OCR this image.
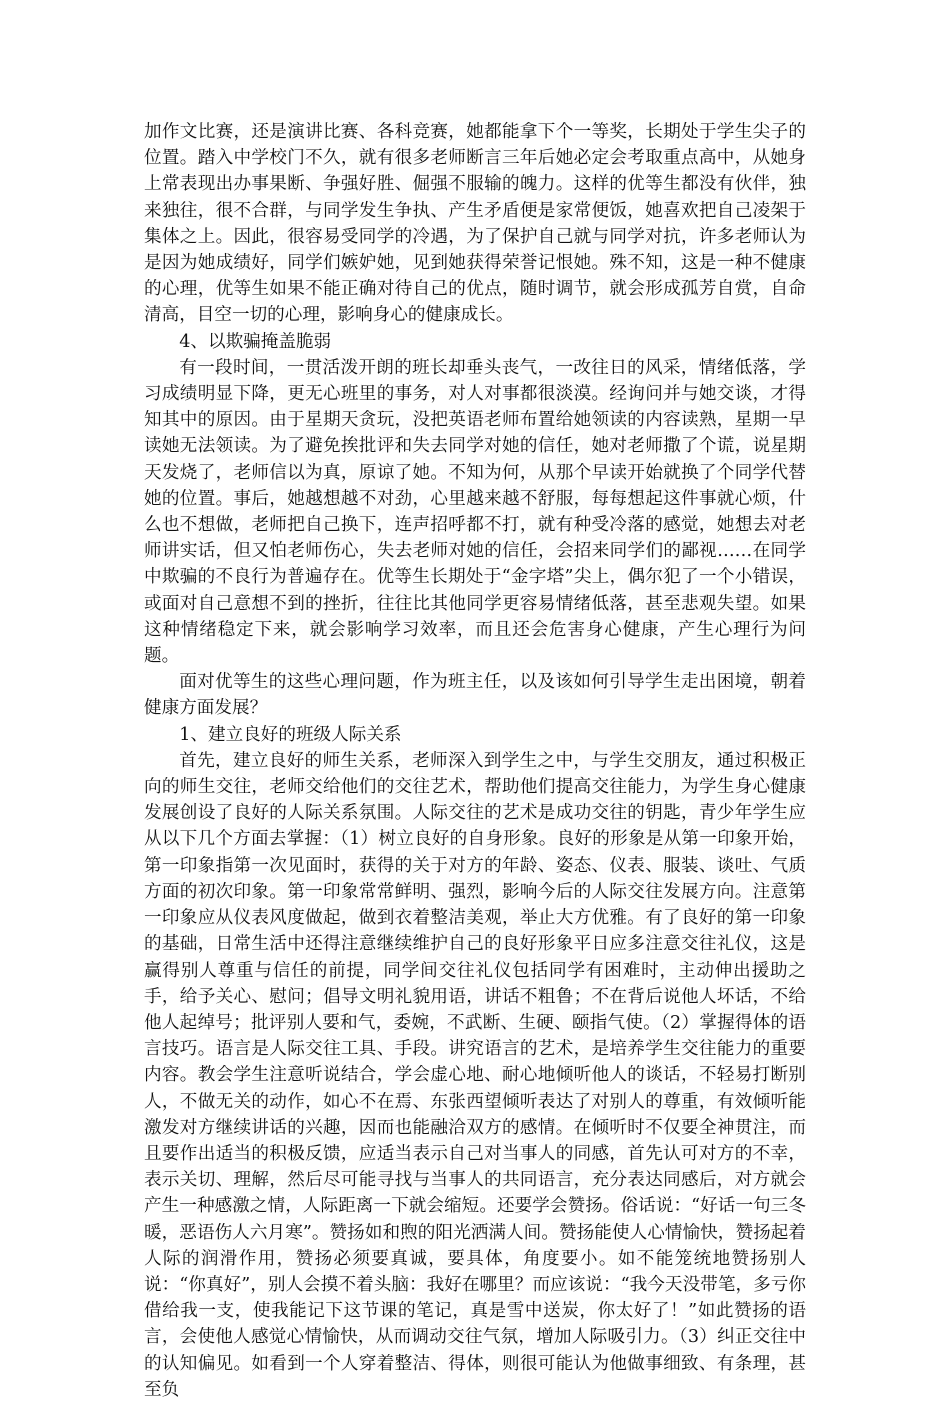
加作文比赛，还是演讲比赛、各科竞赛，她都能拿下个一等奖，长期处于学生尖子的位置。踏入中学校门不久，就有很多老师断言三年后她必定会考取重点高中，从她身上常表现出办事果断、争强好胜、倔强不服输的魄力。这样的优等生都没有伙伴，独来独往，很不合群，与同学发生争执、产生矛盾便是家常便饭，她喜欢把自己凌架于集体之上。因此，很容易受同学的冷遇，为了保护自己就与同学对抗，许多老师认为是因为她成绩好，同学们嫉妒她，见到她获得荣誉记恨她。殊不知，这是一种不健康的心理，优等生如果不能正确对待自己的优点，随时调节，就会形成孤芳自赏，自命清高，目空一切的心理，影响身心的健康成长。

4、以欺骗掩盖脆弱

有一段时间，一贯活泼开朗的班长却垂头丧气，一改往日的风采，情绪低落，学习成绩明显下降，更无心班里的事务，对人对事都很淡漠。经询问并与她交谈，才得知其中的原因。由于星期天贪玩，没把英语老师布置给她领读的内容读熟，星期一早读她无法领读。为了避免挨批评和失去同学对她的信任，她对老师撒了个谎，说星期天发烧了，老师信以为真，原谅了她。不知为何，从那个早读开始就换了个同学代替她的位置。事后，她越想越不对劲，心里越来越不舒服，每每想起这件事就心烦，什么也不想做，老师把自己换下，连声招呼都不打，就有种受冷落的感觉，她想去对老师讲实话，但又怕老师伤心，失去老师对她的信任，会招来同学们的鄙视……在同学中欺骗的不良行为普遍存在。优等生长期处于“金字塔”尖上，偶尔犯了一个小错误，或面对自己意想不到的挫折，往往比其他同学更容易情绪低落，甚至悲观失望。如果这种情绪稳定下来，就会影响学习效率，而且还会危害身心健康，产生心理行为问题。

面对优等生的这些心理问题，作为班主任，以及该如何引导学生走出困境，朝着健康方面发展？

1、建立良好的班级人际关系

首先，建立良好的师生关系，老师深入到学生之中，与学生交朋友，通过积极正向的师生交往，老师交给他们的交往艺术，帮助他们提高交往能力，为学生身心健康发展创设了良好的人际关系氛围。人际交往的艺术是成功交往的钥匙，青少年学生应从以下几个方面去掌握：（1）树立良好的自身形象。良好的形象是从第一印象开始，第一印象指第一次见面时，获得的关于对方的年龄、姿态、仪表、服装、谈吐、气质方面的初次印象。第一印象常常鲜明、强烈，影响今后的人际交往发展方向。注意第一印象应从仪表风度做起，做到衣着整洁美观，举止大方优雅。有了良好的第一印象的基础，日常生活中还得注意继续维护自己的良好形象平日应多注意交往礼仪，这是赢得别人尊重与信任的前提，同学间交往礼仪包括同学有困难时，主动伸出援助之手，给予关心、慰问；倡导文明礼貌用语，讲话不粗鲁；不在背后说他人坏话，不给他人起绰号；批评别人要和气，委婉，不武断、生硬、颐指气使。（2）掌握得体的语言技巧。语言是人际交往工具、手段。讲究语言的艺术，是培养学生交往能力的重要内容。教会学生注意听说结合，学会虚心地、耐心地倾听他人的谈话，不轻易打断别人，不做无关的动作，如心不在焉、东张西望倾听表达了对别人的尊重，有效倾听能激发对方继续讲话的兴趣，因而也能融洽双方的感情。在倾听时不仅要全神贯注，而且要作出适当的积极反馈，应适当表示自己对当事人的同感，首先认可对方的不幸，表示关切、理解，然后尽可能寻找与当事人的共同语言，充分表达同感后，对方就会产生一种感激之情，人际距离一下就会缩短。还要学会赞扬。俗话说：“好话一句三冬暖，恶语伤人六月寒”。赞扬如和煦的阳光洒满人间。赞扬能使人心情愉快，赞扬起着人际的润滑作用，赞扬必须要真诚，要具体，角度要小。如不能笼统地赞扬别人说：“你真好”，别人会摸不着头脑：我好在哪里？而应该说：“我今天没带笔，多亏你借给我一支，使我能记下这节课的笔记，真是雪中送炭，你太好了！”如此赞扬的语言，会使他人感觉心情愉快，从而调动交往气氛，增加人际吸引力。（3）纠正交往中的认知偏见。如看到一个人穿着整洁、得体，则很可能认为他做事细致、有条理，甚至负
